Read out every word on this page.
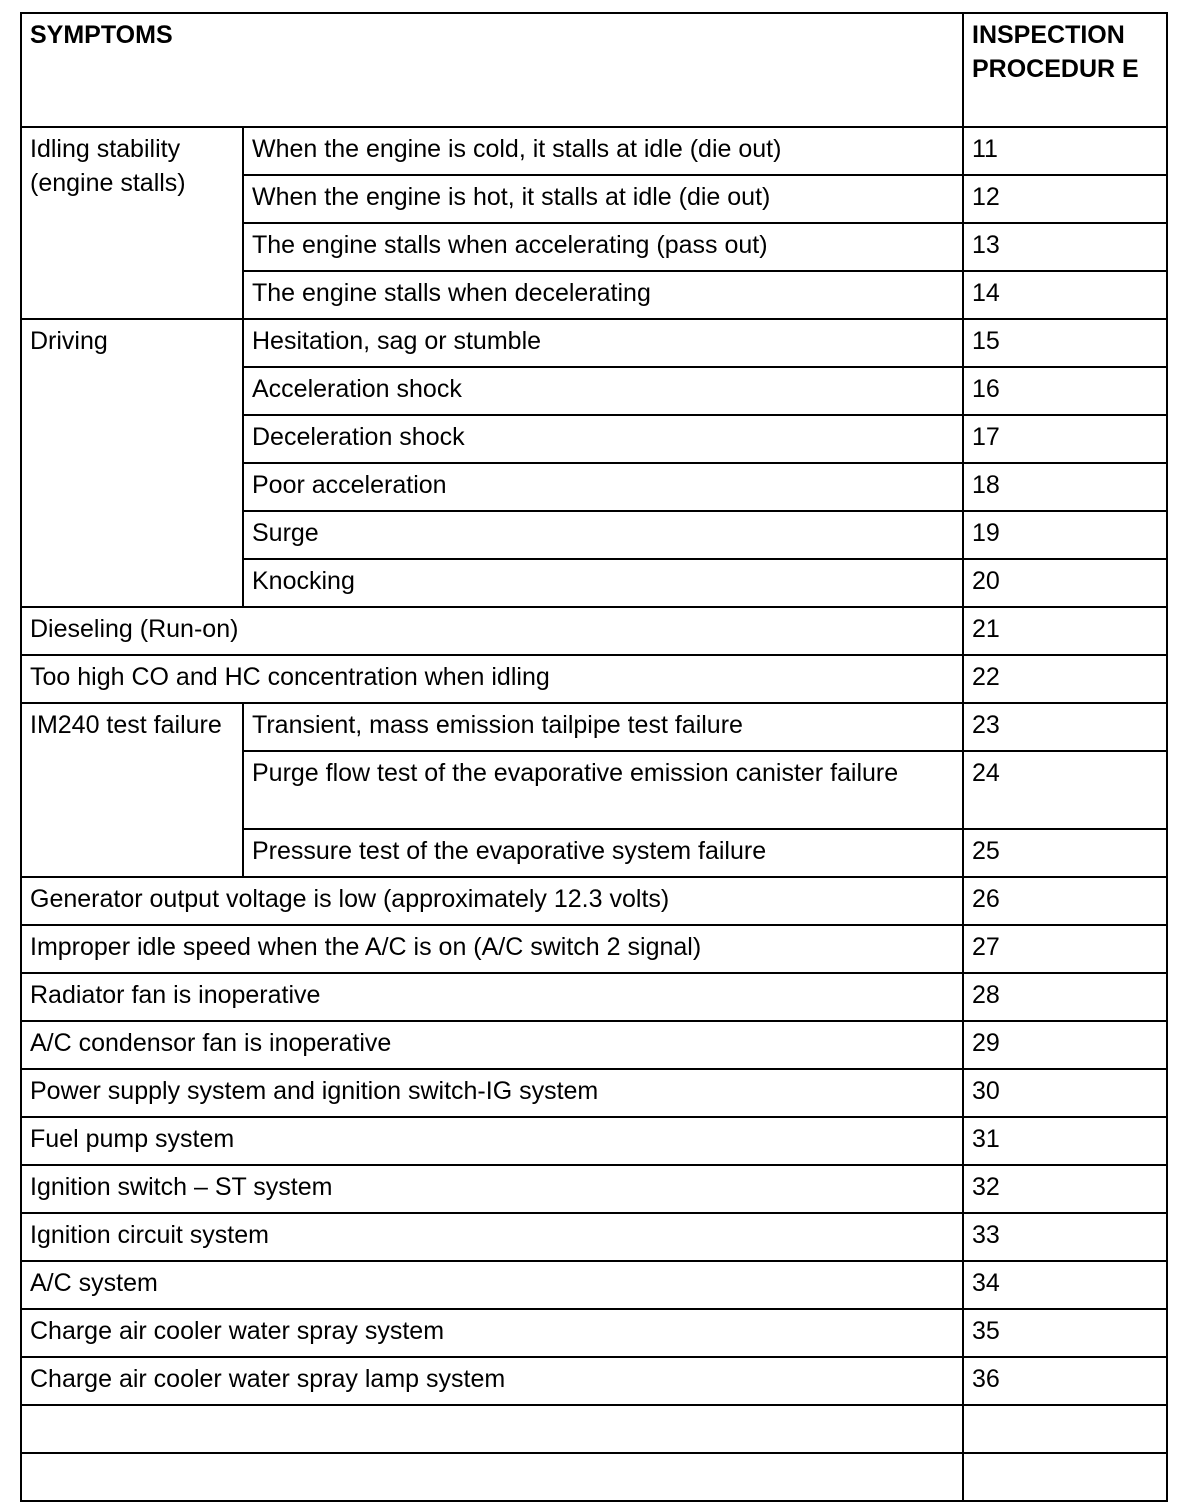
SYMPTOMS		INSPECTION PROCEDUR E
Idling stability (engine stalls)	When the engine is cold, it stalls at idle (die out)	11
	When the engine is hot, it stalls at idle (die out)	12
	The engine stalls when accelerating (pass out)	13
	The engine stalls when decelerating	14
Driving	Hesitation, sag or stumble	15
	Acceleration shock	16
	Deceleration shock	17
	Poor acceleration	18
	Surge	19
	Knocking	20
Dieseling (Run-on)		21
Too high CO and HC concentration when idling		22
IM240 test failure	Transient, mass emission tailpipe test failure	23
	Purge flow test of the evaporative emission canister failure	24
	Pressure test of the evaporative system failure	25
Generator output voltage is low (approximately 12.3 volts)		26
Improper idle speed when the A/C is on (A/C switch 2 signal)		27
Radiator fan is inoperative		28
A/C condensor fan is inoperative		29
Power supply system and ignition switch-IG system		30
Fuel pump system		31
Ignition switch – ST system		32
Ignition circuit system		33
A/C system		34
Charge air cooler water spray system		35
Charge air cooler water spray lamp system		36
